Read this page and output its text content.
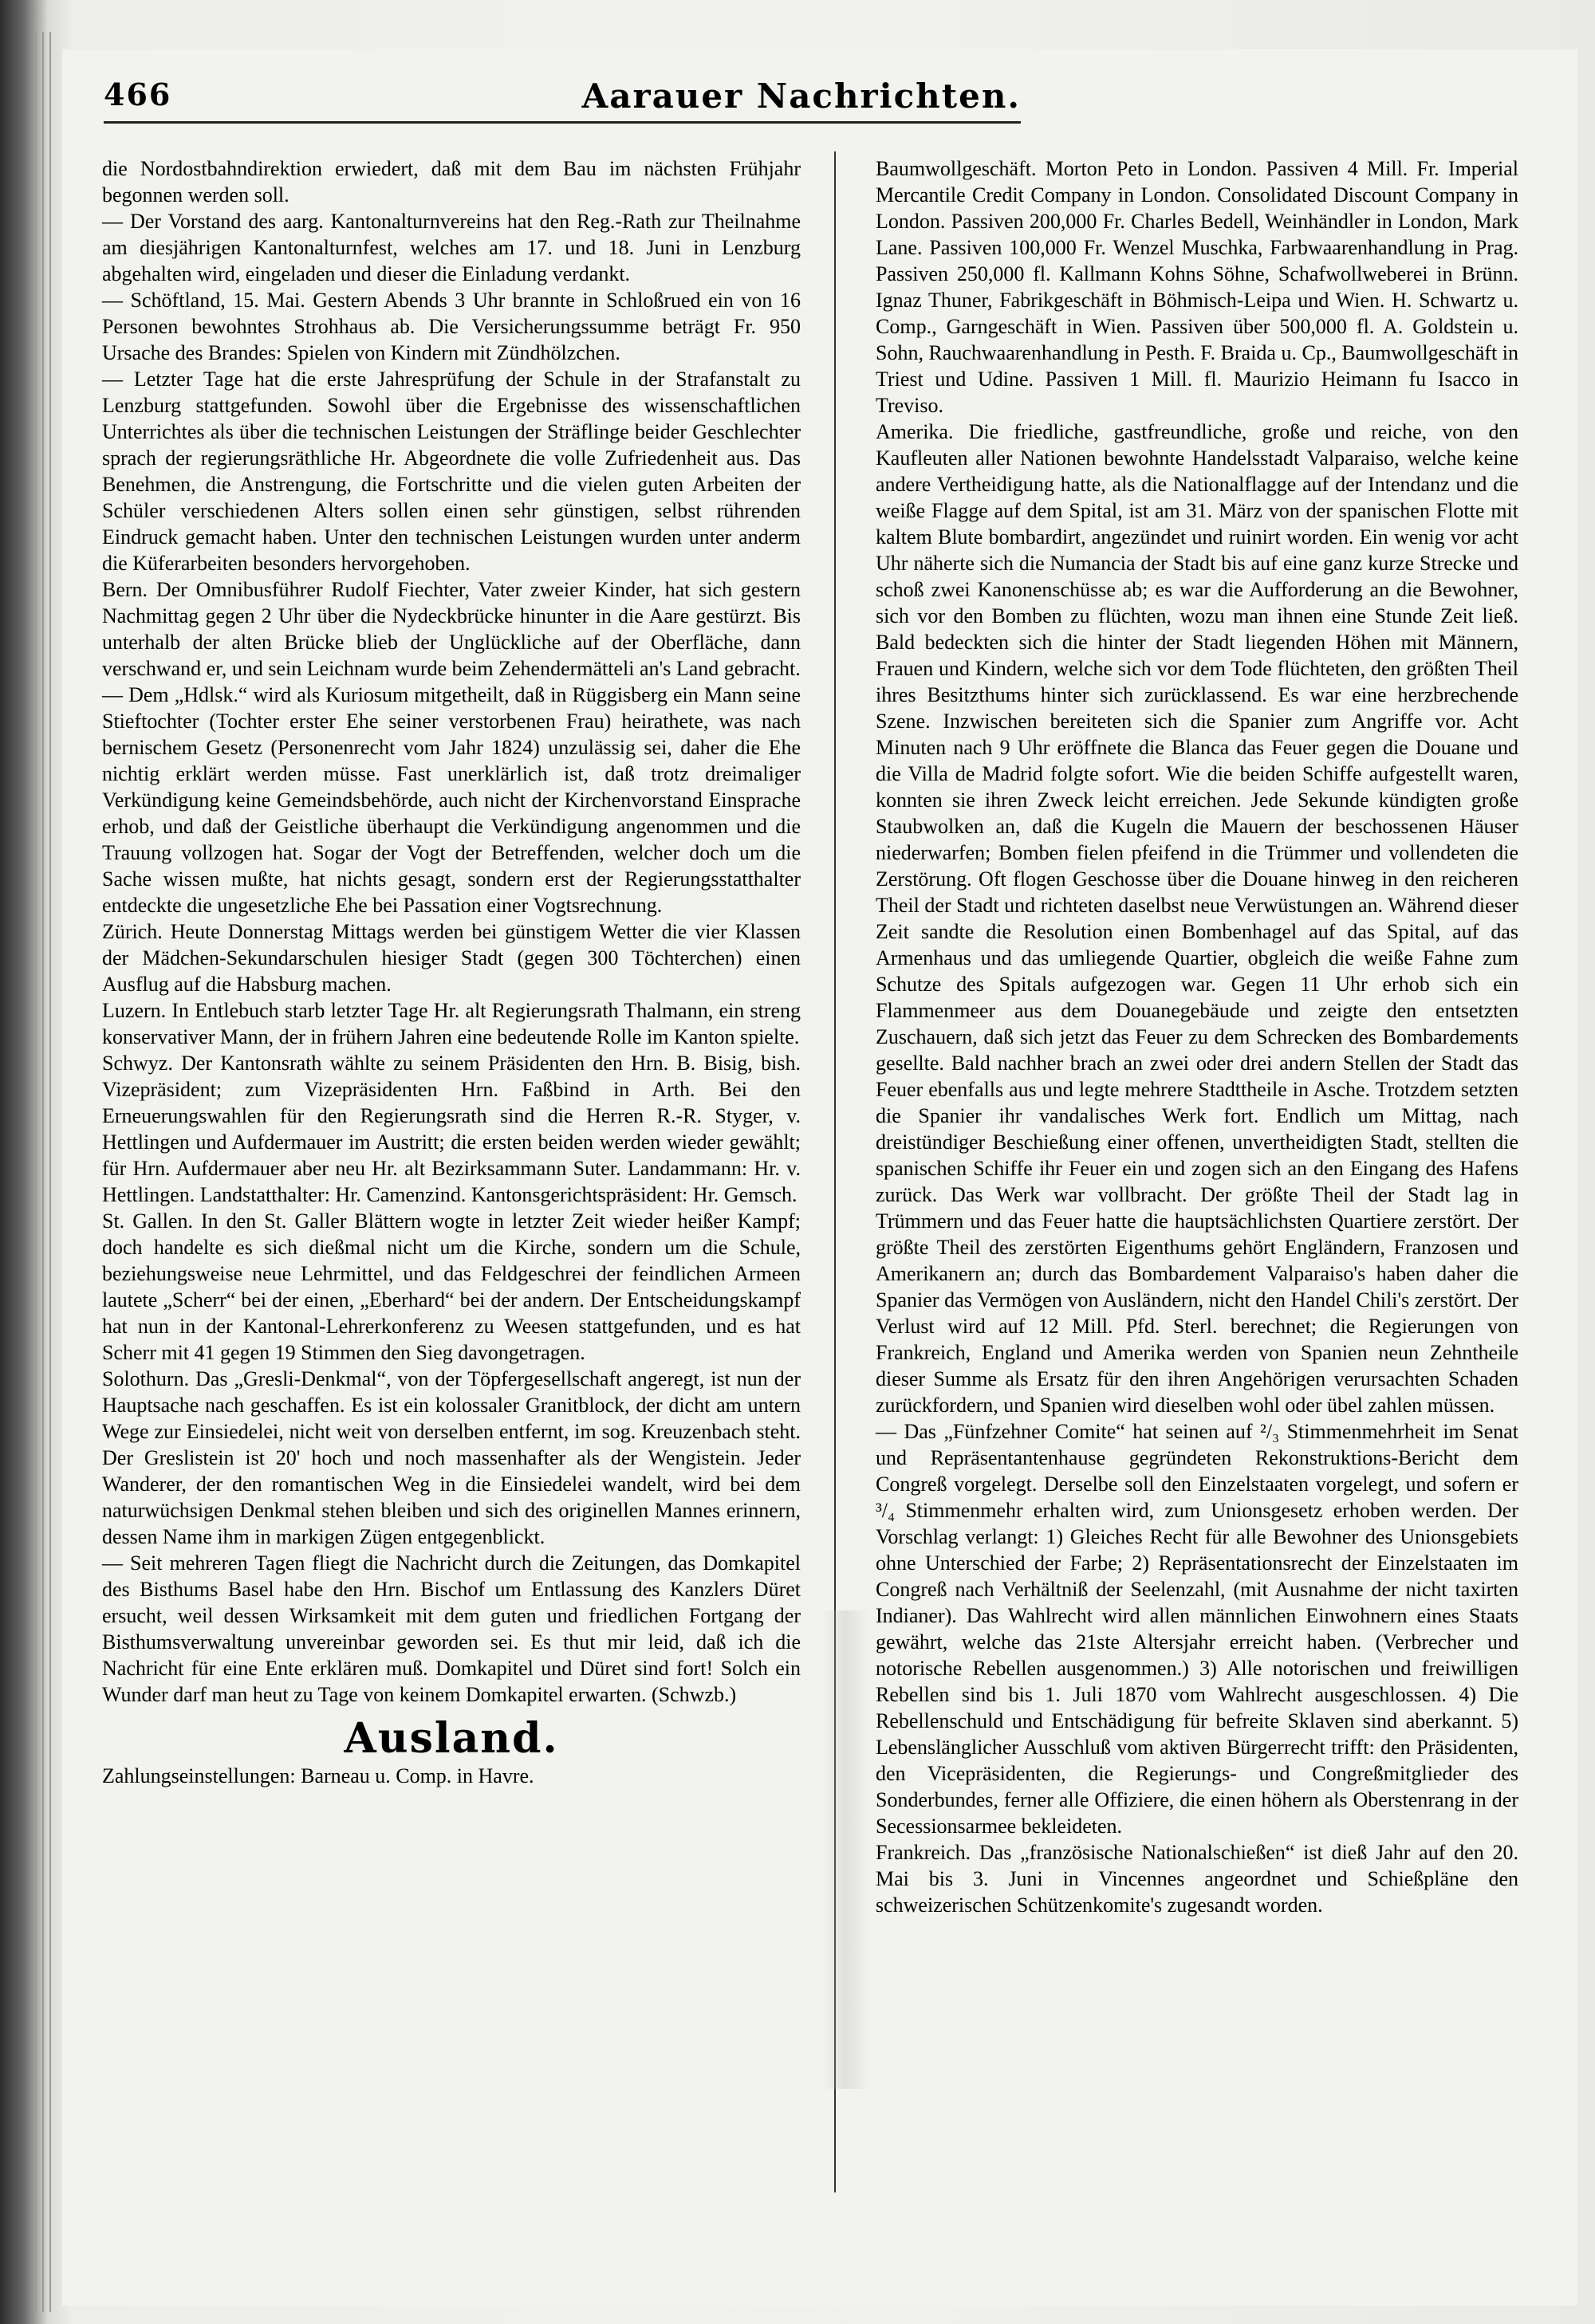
466	Aarauer Nachrichten.

die Nordostbahndirektion erwiedert, daß mit dem Bau im nächsten Frühjahr begonnen werden soll.

— Der Vorstand des aarg. Kantonalturnvereins hat den Reg.-Rath zur Theilnahme am diesjährigen Kantonalturnfest, welches am 17. und 18. Juni in Lenzburg abgehalten wird, eingeladen und dieser die Einladung verdankt.

— Schöftland, 15. Mai. Gestern Abends 3 Uhr brannte in Schloßrued ein von 16 Personen bewohntes Strohhaus ab. Die Versicherungssumme beträgt Fr. 950 Ursache des Brandes: Spielen von Kindern mit Zündhölzchen.

— Letzter Tage hat die erste Jahresprüfung der Schule in der Strafanstalt zu Lenzburg stattgefunden. Sowohl über die Ergebnisse des wissenschaftlichen Unterrichtes als über die technischen Leistungen der Sträflinge beider Geschlechter sprach der regierungsräthliche Hr. Abgeordnete die volle Zufriedenheit aus. Das Benehmen, die Anstrengung, die Fortschritte und die vielen guten Arbeiten der Schüler verschiedenen Alters sollen einen sehr günstigen, selbst rührenden Eindruck gemacht haben. Unter den technischen Leistungen wurden unter anderm die Küferarbeiten besonders hervorgehoben.

Bern. Der Omnibusführer Rudolf Fiechter, Vater zweier Kinder, hat sich gestern Nachmittag gegen 2 Uhr über die Nydeckbrücke hinunter in die Aare gestürzt. Bis unterhalb der alten Brücke blieb der Unglückliche auf der Oberfläche, dann verschwand er, und sein Leichnam wurde beim Zehendermätteli an's Land gebracht.

— Dem „Hdlsk.“ wird als Kuriosum mitgetheilt, daß in Rüggisberg ein Mann seine Stieftochter (Tochter erster Ehe seiner verstorbenen Frau) heirathete, was nach bernischem Gesetz (Personenrecht vom Jahr 1824) unzulässig sei, daher die Ehe nichtig erklärt werden müsse. Fast unerklärlich ist, daß trotz dreimaliger Verkündigung keine Gemeindsbehörde, auch nicht der Kirchenvorstand Einsprache erhob, und daß der Geistliche überhaupt die Verkündigung angenommen und die Trauung vollzogen hat. Sogar der Vogt der Betreffenden, welcher doch um die Sache wissen mußte, hat nichts gesagt, sondern erst der Regierungsstatthalter entdeckte die ungesetzliche Ehe bei Passation einer Vogtsrechnung.

Zürich. Heute Donnerstag Mittags werden bei günstigem Wetter die vier Klassen der Mädchen-Sekundarschulen hiesiger Stadt (gegen 300 Töchterchen) einen Ausflug auf die Habsburg machen.

Luzern. In Entlebuch starb letzter Tage Hr. alt Regierungsrath Thalmann, ein streng konservativer Mann, der in frühern Jahren eine bedeutende Rolle im Kanton spielte.

Schwyz. Der Kantonsrath wählte zu seinem Präsidenten den Hrn. B. Bisig, bish. Vizepräsident; zum Vizepräsidenten Hrn. Faßbind in Arth. Bei den Erneuerungswahlen für den Regierungsrath sind die Herren R.-R. Styger, v. Hettlingen und Aufdermauer im Austritt; die ersten beiden werden wieder gewählt; für Hrn. Aufdermauer aber neu Hr. alt Bezirksammann Suter. Landammann: Hr. v. Hettlingen. Landstatthalter: Hr. Camenzind. Kantonsgerichtspräsident: Hr. Gemsch.

St. Gallen. In den St. Galler Blättern wogte in letzter Zeit wieder heißer Kampf; doch handelte es sich dießmal nicht um die Kirche, sondern um die Schule, beziehungsweise neue Lehrmittel, und das Feldgeschrei der feindlichen Armeen lautete „Scherr“ bei der einen, „Eberhard“ bei der andern. Der Entscheidungskampf hat nun in der Kantonal-Lehrerkonferenz zu Weesen stattgefunden, und es hat Scherr mit 41 gegen 19 Stimmen den Sieg davongetragen.

Solothurn. Das „Gresli-Denkmal“, von der Töpfergesellschaft angeregt, ist nun der Hauptsache nach geschaffen. Es ist ein kolossaler Granitblock, der dicht am untern Wege zur Einsiedelei, nicht weit von derselben entfernt, im sog. Kreuzenbach steht. Der Greslistein ist 20' hoch und noch massenhafter als der Wengistein. Jeder Wanderer, der den romantischen Weg in die Einsiedelei wandelt, wird bei dem naturwüchsigen Denkmal stehen bleiben und sich des originellen Mannes erinnern, dessen Name ihm in markigen Zügen entgegenblickt.

— Seit mehreren Tagen fliegt die Nachricht durch die Zeitungen, das Domkapitel des Bisthums Basel habe den Hrn. Bischof um Entlassung des Kanzlers Düret ersucht, weil dessen Wirksamkeit mit dem guten und friedlichen Fortgang der Bisthumsverwaltung unvereinbar geworden sei. Es thut mir leid, daß ich die Nachricht für eine Ente erklären muß. Domkapitel und Düret sind fort! Solch ein Wunder darf man heut zu Tage von keinem Domkapitel erwarten. (Schwzb.)

Ausland.

Zahlungseinstellungen: Barneau u. Comp. in Havre.

Baumwollgeschäft. Morton Peto in London. Passiven 4 Mill. Fr. Imperial Mercantile Credit Company in London. Consolidated Discount Company in London. Passiven 200,000 Fr. Charles Bedell, Weinhändler in London, Mark Lane. Passiven 100,000 Fr. Wenzel Muschka, Farbwaarenhandlung in Prag. Passiven 250,000 fl. Kallmann Kohns Söhne, Schafwollweberei in Brünn. Ignaz Thuner, Fabrikgeschäft in Böhmisch-Leipa und Wien. H. Schwartz u. Comp., Garngeschäft in Wien. Passiven über 500,000 fl. A. Goldstein u. Sohn, Rauchwaarenhandlung in Pesth. F. Braida u. Cp., Baumwollgeschäft in Triest und Udine. Passiven 1 Mill. fl. Maurizio Heimann fu Isacco in Treviso.

Amerika. Die friedliche, gastfreundliche, große und reiche, von den Kaufleuten aller Nationen bewohnte Handelsstadt Valparaiso, welche keine andere Vertheidigung hatte, als die Nationalflagge auf der Intendanz und die weiße Flagge auf dem Spital, ist am 31. März von der spanischen Flotte mit kaltem Blute bombardirt, angezündet und ruinirt worden. Ein wenig vor acht Uhr näherte sich die Numancia der Stadt bis auf eine ganz kurze Strecke und schoß zwei Kanonenschüsse ab; es war die Aufforderung an die Bewohner, sich vor den Bomben zu flüchten, wozu man ihnen eine Stunde Zeit ließ. Bald bedeckten sich die hinter der Stadt liegenden Höhen mit Männern, Frauen und Kindern, welche sich vor dem Tode flüchteten, den größten Theil ihres Besitzthums hinter sich zurücklassend. Es war eine herzbrechende Szene. Inzwischen bereiteten sich die Spanier zum Angriffe vor. Acht Minuten nach 9 Uhr eröffnete die Blanca das Feuer gegen die Douane und die Villa de Madrid folgte sofort. Wie die beiden Schiffe aufgestellt waren, konnten sie ihren Zweck leicht erreichen. Jede Sekunde kündigten große Staubwolken an, daß die Kugeln die Mauern der beschossenen Häuser niederwarfen; Bomben fielen pfeifend in die Trümmer und vollendeten die Zerstörung. Oft flogen Geschosse über die Douane hinweg in den reicheren Theil der Stadt und richteten daselbst neue Verwüstungen an. Während dieser Zeit sandte die Resolution einen Bombenhagel auf das Spital, auf das Armenhaus und das umliegende Quartier, obgleich die weiße Fahne zum Schutze des Spitals aufgezogen war. Gegen 11 Uhr erhob sich ein Flammenmeer aus dem Douanegebäude und zeigte den entsetzten Zuschauern, daß sich jetzt das Feuer zu dem Schrecken des Bombardements gesellte. Bald nachher brach an zwei oder drei andern Stellen der Stadt das Feuer ebenfalls aus und legte mehrere Stadttheile in Asche. Trotzdem setzten die Spanier ihr vandalisches Werk fort. Endlich um Mittag, nach dreistündiger Beschießung einer offenen, unvertheidigten Stadt, stellten die spanischen Schiffe ihr Feuer ein und zogen sich an den Eingang des Hafens zurück. Das Werk war vollbracht. Der größte Theil der Stadt lag in Trümmern und das Feuer hatte die hauptsächlichsten Quartiere zerstört. Der größte Theil des zerstörten Eigenthums gehört Engländern, Franzosen und Amerikanern an; durch das Bombardement Valparaiso's haben daher die Spanier das Vermögen von Ausländern, nicht den Handel Chili's zerstört. Der Verlust wird auf 12 Mill. Pfd. Sterl. berechnet; die Regierungen von Frankreich, England und Amerika werden von Spanien neun Zehntheile dieser Summe als Ersatz für den ihren Angehörigen verursachten Schaden zurückfordern, und Spanien wird dieselben wohl oder übel zahlen müssen.

— Das „Fünfzehner Comite“ hat seinen auf ²/₃ Stimmenmehrheit im Senat und Repräsentantenhause gegründeten Rekonstruktions-Bericht dem Congreß vorgelegt. Derselbe soll den Einzelstaaten vorgelegt, und sofern er ³/₄ Stimmenmehr erhalten wird, zum Unionsgesetz erhoben werden. Der Vorschlag verlangt: 1) Gleiches Recht für alle Bewohner des Unionsgebiets ohne Unterschied der Farbe; 2) Repräsentationsrecht der Einzelstaaten im Congreß nach Verhältniß der Seelenzahl, (mit Ausnahme der nicht taxirten Indianer). Das Wahlrecht wird allen männlichen Einwohnern eines Staats gewährt, welche das 21ste Altersjahr erreicht haben. (Verbrecher und notorische Rebellen ausgenommen.) 3) Alle notorischen und freiwilligen Rebellen sind bis 1. Juli 1870 vom Wahlrecht ausgeschlossen. 4) Die Rebellenschuld und Entschädigung für befreite Sklaven sind aberkannt. 5) Lebenslänglicher Ausschluß vom aktiven Bürgerrecht trifft: den Präsidenten, den Vicepräsidenten, die Regierungs- und Congreßmitglieder des Sonderbundes, ferner alle Offiziere, die einen höhern als Oberstenrang in der Secessionsarmee bekleideten.

Frankreich. Das „französische Nationalschießen“ ist dieß Jahr auf den 20. Mai bis 3. Juni in Vincennes angeordnet und Schießpläne den schweizerischen Schützenkomite's zugesandt worden.
